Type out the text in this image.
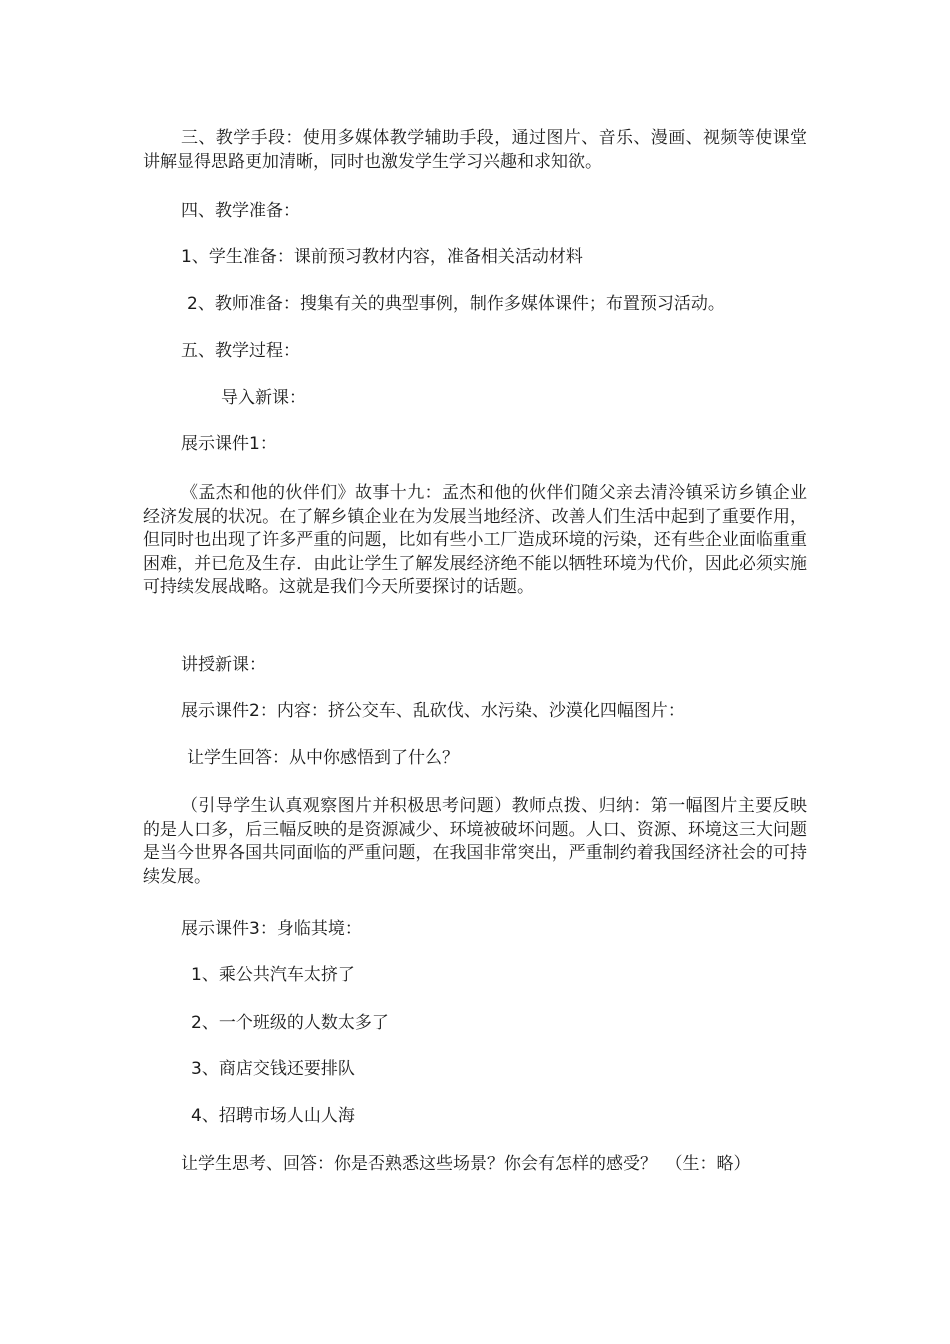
三、教学手段：使用多媒体教学辅助手段，通过图片、音乐、漫画、视频等使课堂讲解显得思路更加清晰，同时也激发学生学习兴趣和求知欲。

四、教学准备：

1、学生准备：课前预习教材内容，准备相关活动材料

2、教师准备：搜集有关的典型事例，制作多媒体课件；布置预习活动。

五、教学过程：

导入新课：

展示课件1：

《孟杰和他的伙伴们》故事十九：孟杰和他的伙伴们随父亲去清泠镇采访乡镇企业经济发展的状况。在了解乡镇企业在为发展当地经济、改善人们生活中起到了重要作用，但同时也出现了许多严重的问题，比如有些小工厂造成环境的污染，还有些企业面临重重困难，并已危及生存．由此让学生了解发展经济绝不能以牺牲环境为代价，因此必须实施可持续发展战略。这就是我们今天所要探讨的话题。

讲授新课：

展示课件2：内容：挤公交车、乱砍伐、水污染、沙漠化四幅图片：

让学生回答：从中你感悟到了什么？

（引导学生认真观察图片并积极思考问题）教师点拨、归纳：第一幅图片主要反映的是人口多，后三幅反映的是资源减少、环境被破坏问题。人口、资源、环境这三大问题是当今世界各国共同面临的严重问题，在我国非常突出，严重制约着我国经济社会的可持续发展。

展示课件3：身临其境：

1、乘公共汽车太挤了

2、一个班级的人数太多了

3、商店交钱还要排队

4、招聘市场人山人海

让学生思考、回答：你是否熟悉这些场景？你会有怎样的感受？　（生：略）
